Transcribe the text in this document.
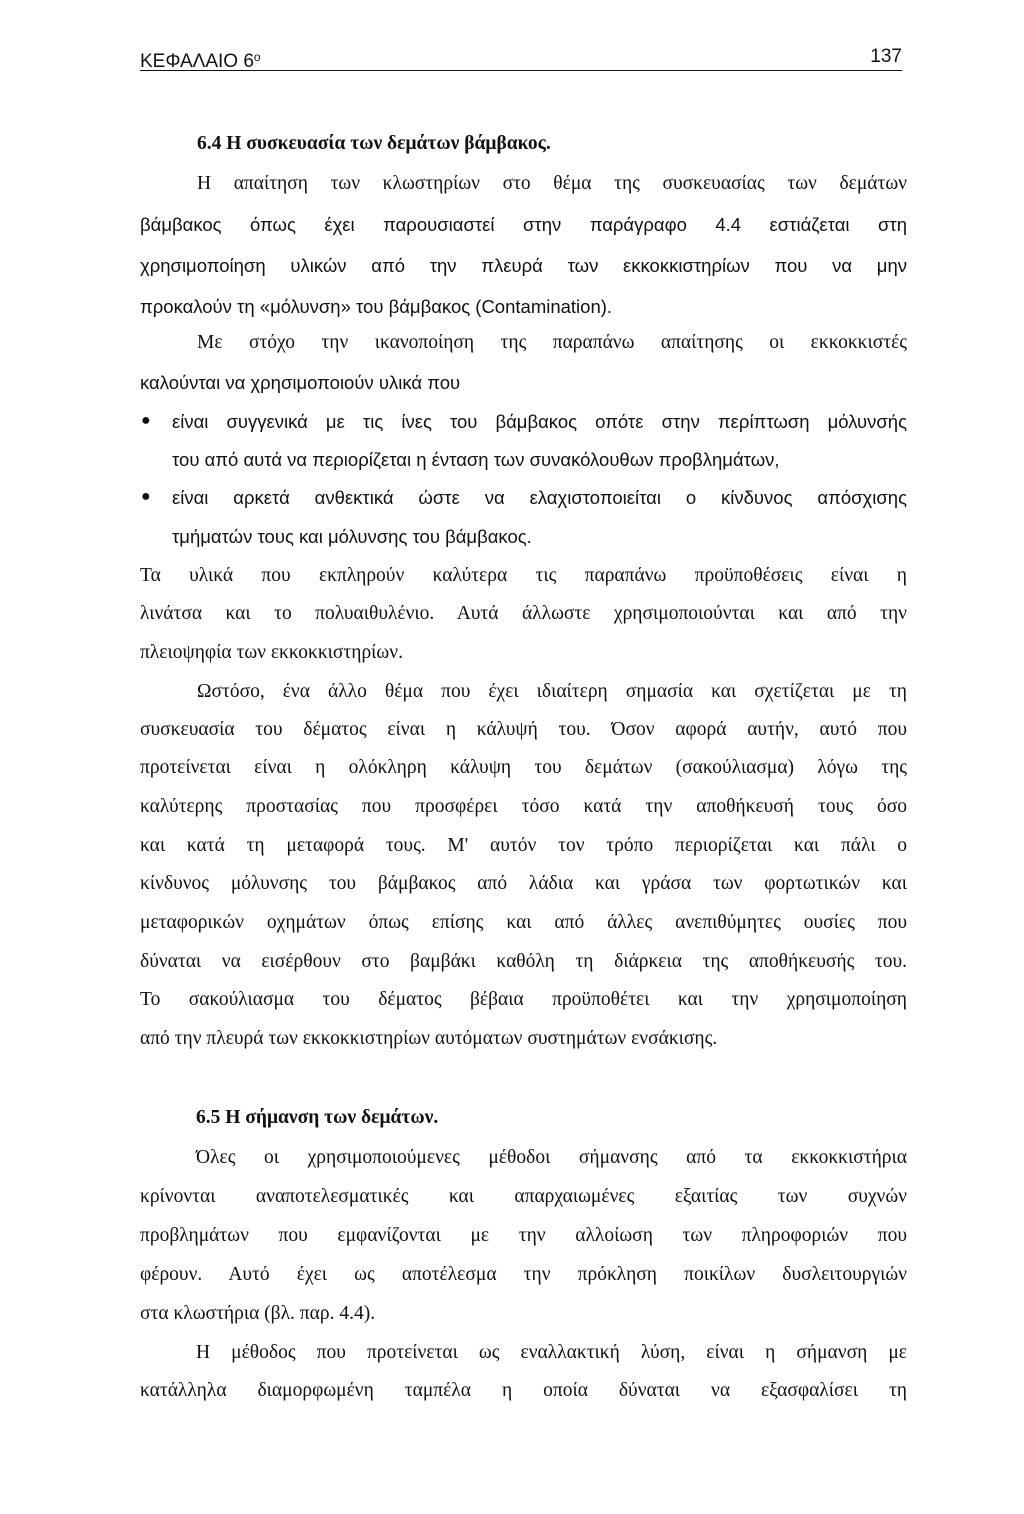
ΚΕΦΑΛΑΙΟ $6^o$	137
6.4 Η συσκευασία των δεμάτων βάμβακος.
Η απαίτηση των κλωστηρίων στο θέμα της συσκευασίας των δεμάτων
βάμβακος όπως έχει παρουσιαστεί στην παράγραφο 4.4 εστιάζεται στη
χρησιμοποίηση υλικών από την πλευρά των εκκοκκιστηρίων που να μην
προκαλούν τη «μόλυνση» του βάμβακος (Contamination).
Με στόχο την ικανοποίηση της παραπάνω απαίτησης οι εκκοκκιστές
καλούνται να χρησιμοποιούν υλικά που
● είναι συγγενικά με τις ίνες του βάμβακος οπότε στην περίπτωση μόλυνσής
του από αυτά να περιορίζεται η ένταση των συνακόλουθων προβλημάτων,
● είναι αρκετά ανθεκτικά ώστε να ελαχιστοποιείται ο κίνδυνος απόσχισης
τμήματών τους και μόλυνσης του βάμβακος.
Τα υλικά που εκπληρούν καλύτερα τις παραπάνω προϋποθέσεις είναι η
λινάτσα και το πολυαιθυλένιο. Αυτά άλλωστε χρησιμοποιούνται και από την
πλειοψηφία των εκκοκκιστηρίων.
Ωστόσο, ένα άλλο θέμα που έχει ιδιαίτερη σημασία και σχετίζεται με τη
συσκευασία του δέματος είναι η κάλυψή του. Όσον αφορά αυτήν, αυτό που
προτείνεται είναι η ολόκληρη κάλυψη του δεμάτων (σακούλιασμα) λόγω της
καλύτερης προστασίας που προσφέρει τόσο κατά την αποθήκευσή τους όσο
και κατά τη μεταφορά τους. Μ' αυτόν τον τρόπο περιορίζεται και πάλι ο
κίνδυνος μόλυνσης του βάμβακος από λάδια και γράσα των φορτωτικών και
μεταφορικών οχημάτων όπως επίσης και από άλλες ανεπιθύμητες ουσίες που
δύναται να εισέρθουν στο βαμβάκι καθόλη τη διάρκεια της αποθήκευσής του.
Το σακούλιασμα του δέματος βέβαια προϋποθέτει και την χρησιμοποίηση
από την πλευρά των εκκοκκιστηρίων αυτόματων συστημάτων ενσάκισης.
6.5 Η σήμανση των δεμάτων.
Όλες οι χρησιμοποιούμενες μέθοδοι σήμανσης από τα εκκοκκιστήρια
κρίνονται αναποτελεσματικές και απαρχαιωμένες εξαιτίας των συχνών
προβλημάτων που εμφανίζονται με την αλλοίωση των πληροφοριών που
φέρουν. Αυτό έχει ως αποτέλεσμα την πρόκληση ποικίλων δυσλειτουργιών
στα κλωστήρια (βλ. παρ. 4.4).
Η μέθοδος που προτείνεται ως εναλλακτική λύση, είναι η σήμανση με
κατάλληλα διαμορφωμένη ταμπέλα η οποία δύναται να εξασφαλίσει τη
